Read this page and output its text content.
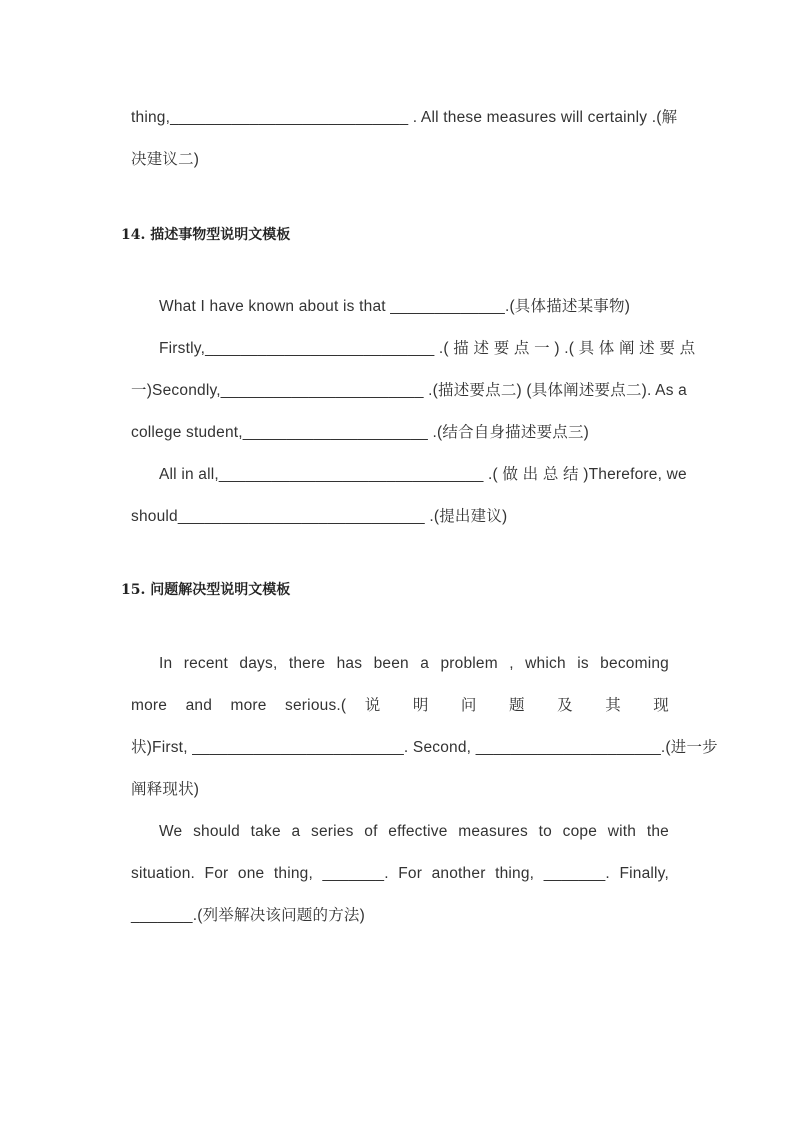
thing,___________________________ . All these measures will certainly .(解
决建议二)
14. 描述事物型说明文模板
What I have known about is that _____________.(具体描述某事物)
Firstly,__________________________ .( 描 述 要 点 一 ) .( 具 体 阐 述 要 点
一)Secondly,_______________________ .(描述要点二) (具体阐述要点二). As a
college student,_____________________ .(结合自身描述要点三)
All in all,______________________________ .( 做 出 总 结 )Therefore, we
should____________________________ .(提出建议)
15. 问题解决型说明文模板
In recent days, there has been a problem , which is becoming
more and more serious.( 说 明 问 题 及 其 现
状)First, ________________________. Second, _____________________.(进一步
阐释现状)
We should take a series of effective measures to cope with the
situation. For one thing, _______. For another thing, _______. Finally,
_______.(列举解决该问题的方法)
